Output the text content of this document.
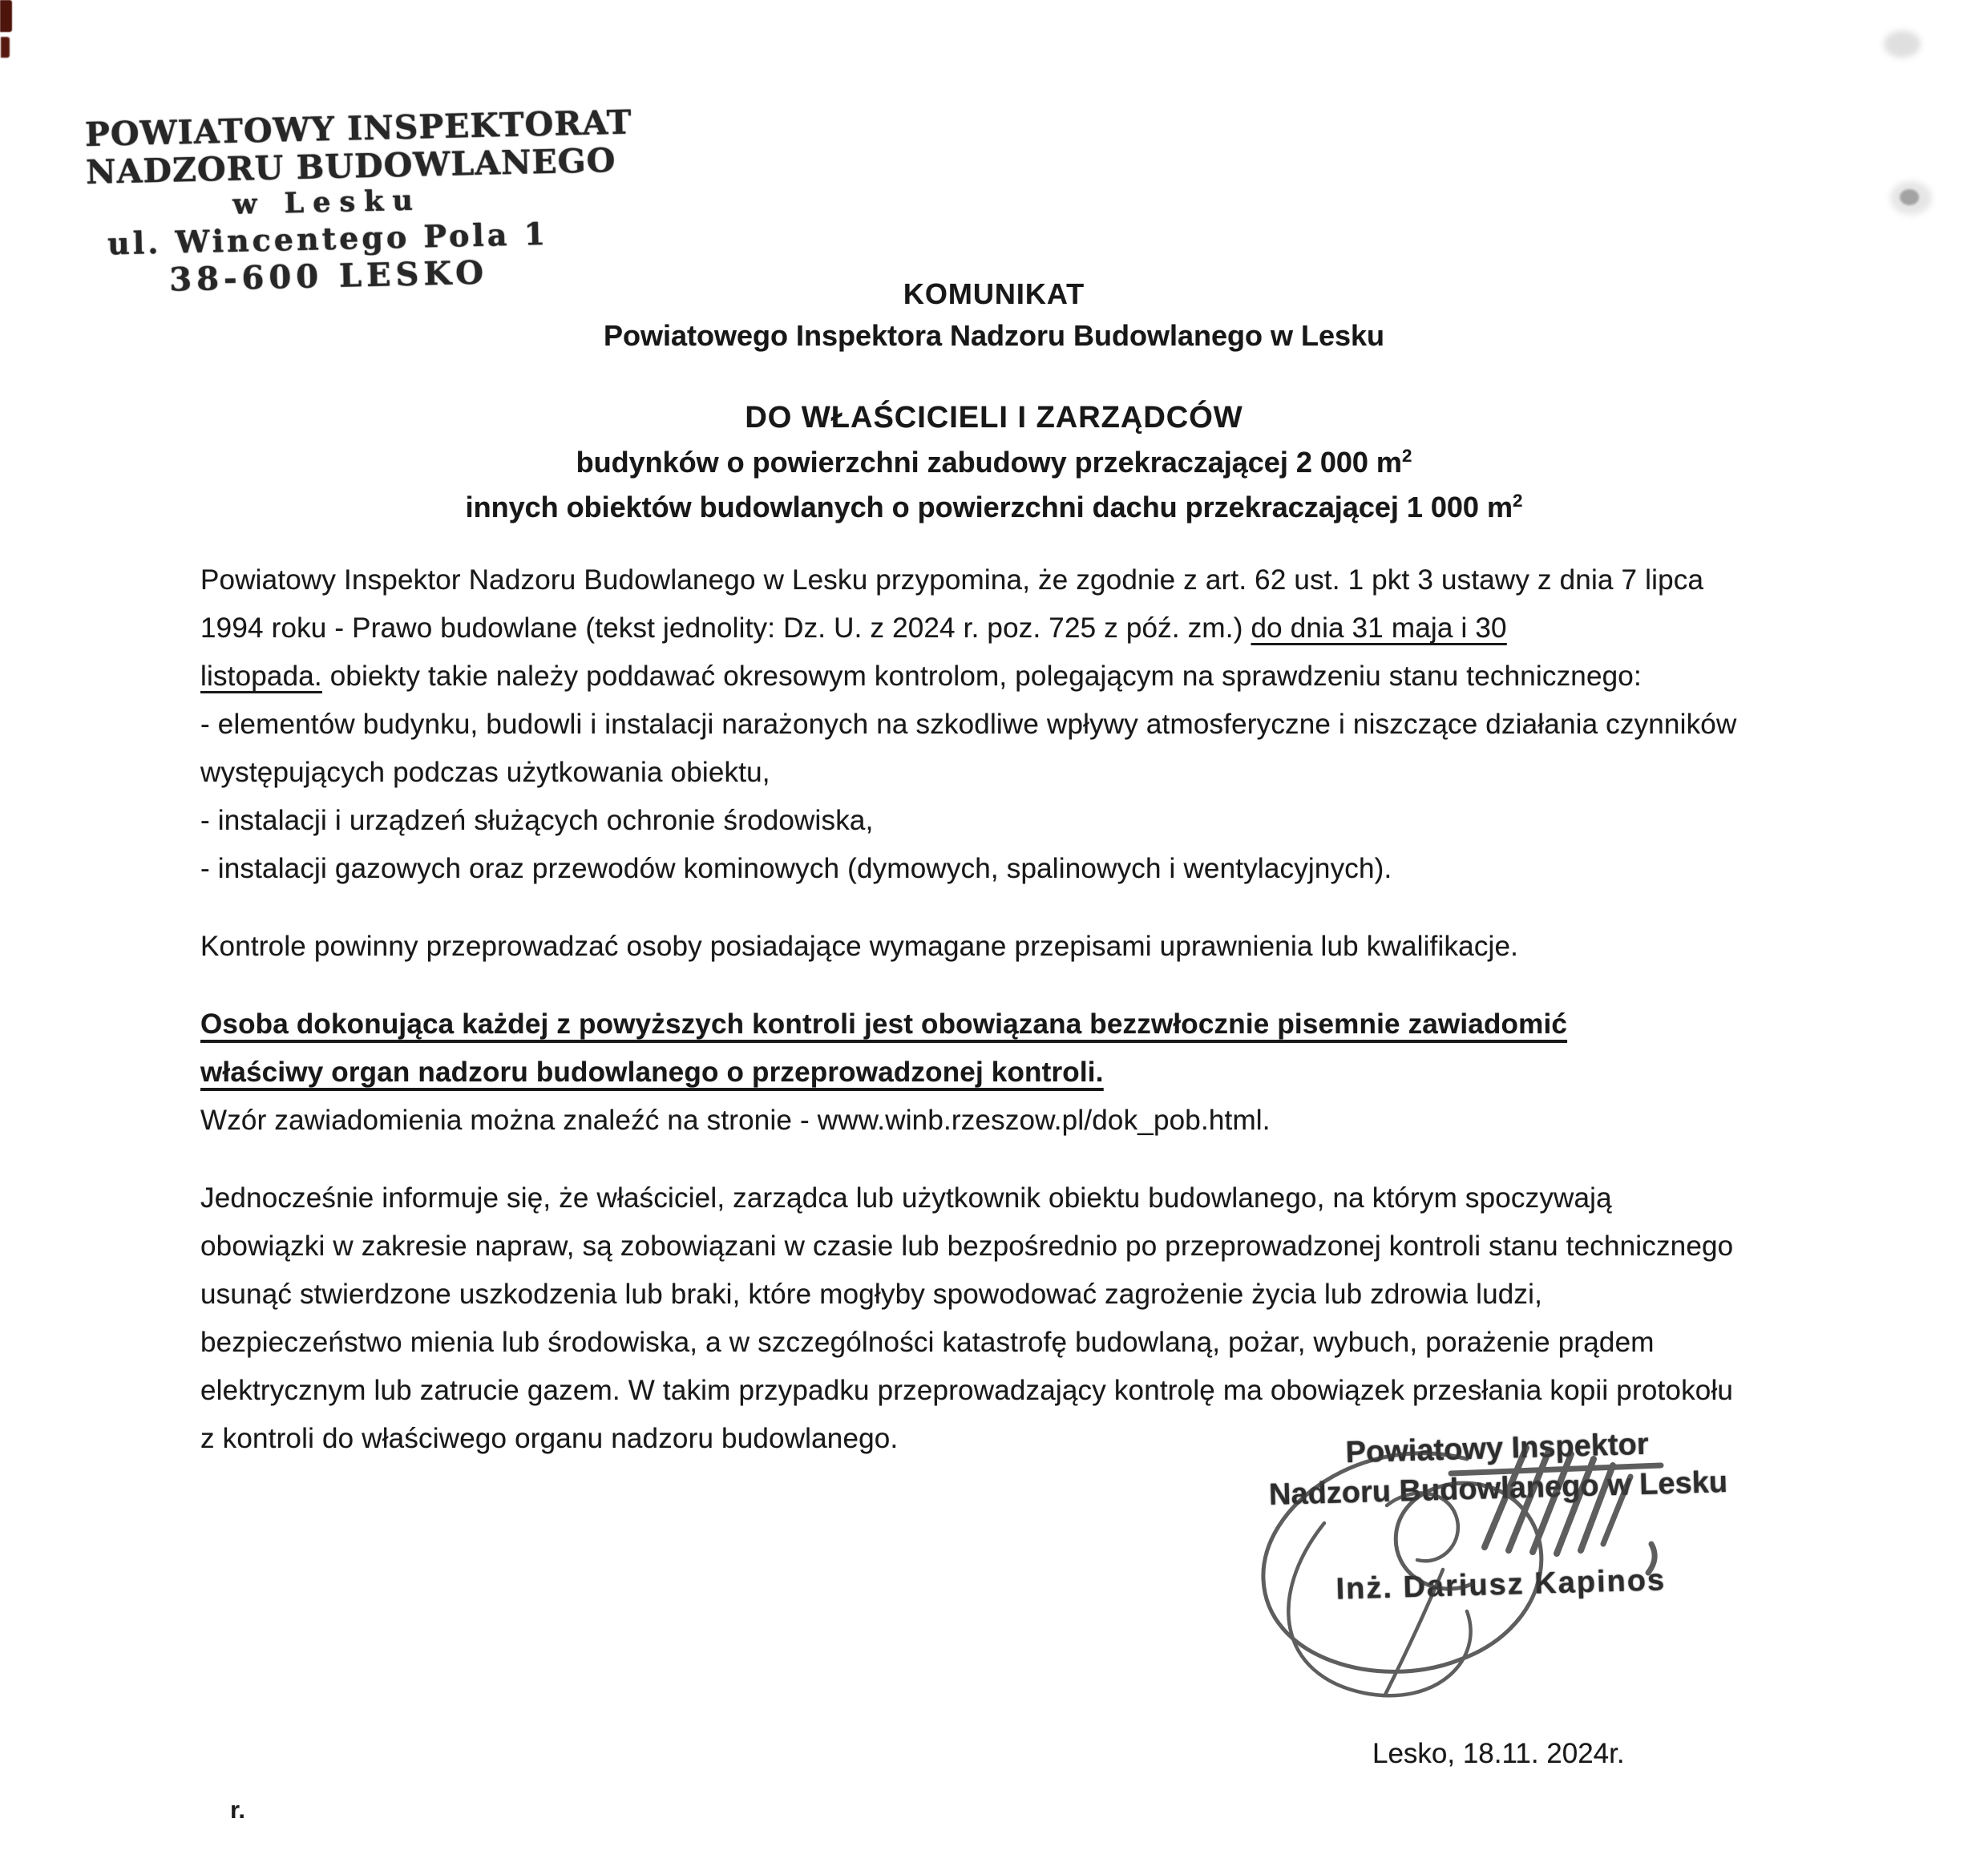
POWIATOWY INSPEKTORAT
NADZORU BUDOWLANEGO
w Lesku
ul. Wincentego Pola 1
38-600 LESKO	KOMUNIKAT
Powiatowego Inspektora Nadzoru Budowlanego w Lesku
DO WŁAŚCICIELI I ZARZĄDCÓW
budynków o powierzchni zabudowy przekraczającej 2 000 $m^2$
innych obiektów budowlanych o powierzchni dachu przekraczającej 1 000 $m^2$
Powiatowy Inspektor Nadzoru Budowlanego w Lesku przypomina, że zgodnie z art. 62 ust. 1 pkt 3 ustawy z dnia 7 lipca
1994 roku - Prawo budowlane (tekst jednolity: Dz. U. z 2024 r. poz. 725 z póź. zm.) do dnia 31 maja i 30
listopada. obiekty takie należy poddawać okresowym kontrolom, polegającym na sprawdzeniu stanu technicznego:
- elementów budynku, budowli i instalacji narażonych na szkodliwe wpływy atmosferyczne i niszczące działania czynników
występujących podczas użytkowania obiektu,
- instalacji i urządzeń służących ochronie środowiska,
- instalacji gazowych oraz przewodów kominowych (dymowych, spalinowych i wentylacyjnych).
Kontrole powinny przeprowadzać osoby posiadające wymagane przepisami uprawnienia lub kwalifikacje.
Osoba dokonująca każdej z powyższych kontroli jest obowiązana bezzwłocznie pisemnie zawiadomić
właściwy organ nadzoru budowlanego o przeprowadzonej kontroli.
Wzór zawiadomienia można znaleźć na stronie - www.winb.rzeszow.pl/dok_pob.html.
Jednocześnie informuje się, że właściciel, zarządca lub użytkownik obiektu budowlanego, na którym spoczywają
obowiązki w zakresie napraw, są zobowiązani w czasie lub bezpośrednio po przeprowadzonej kontroli stanu technicznego
usunąć stwierdzone uszkodzenia lub braki, które mogłyby spowodować zagrożenie życia lub zdrowia ludzi,
bezpieczeństwo mienia lub środowiska, a w szczególności katastrofę budowlaną, pożar, wybuch, porażenie prądem
elektrycznym lub zatrucie gazem. W takim przypadku przeprowadzający kontrolę ma obowiązek przesłania kopii protokołu
z kontroli do właściwego organu nadzoru budowlanego.	Powiatowy Inspektor
Nadzoru Budowlanego w Lesku
Inż. Dariusz Kapinos
Lesko, 18.11. 2024r.
r.
